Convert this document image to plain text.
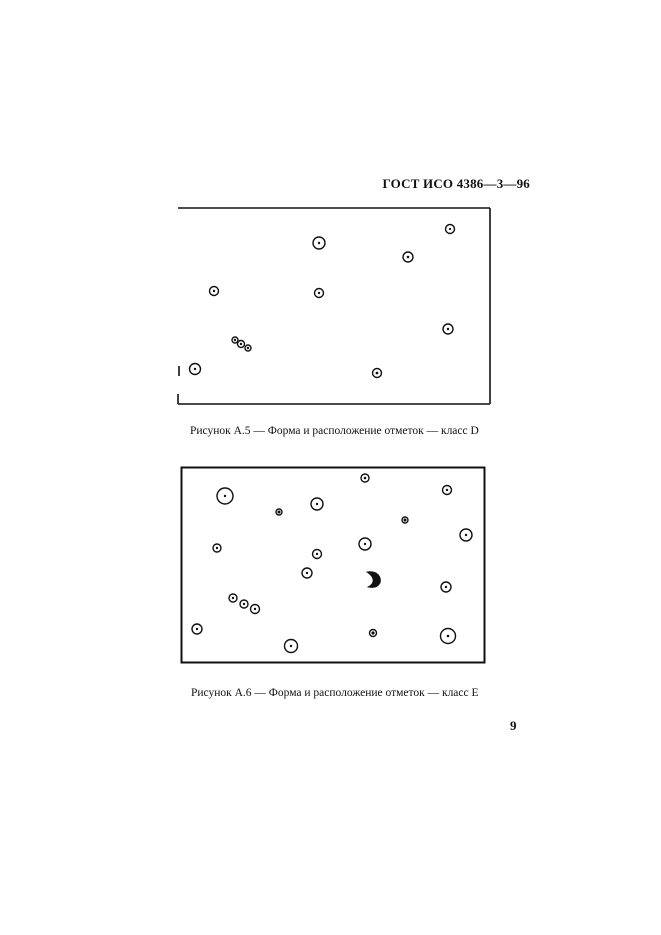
ГОСТ ИСО 4386—3—96
Рисунок А.5 — Форма и расположение отметок — класс D
Рисунок А.6 — Форма и расположение отметок — класс Е
9
